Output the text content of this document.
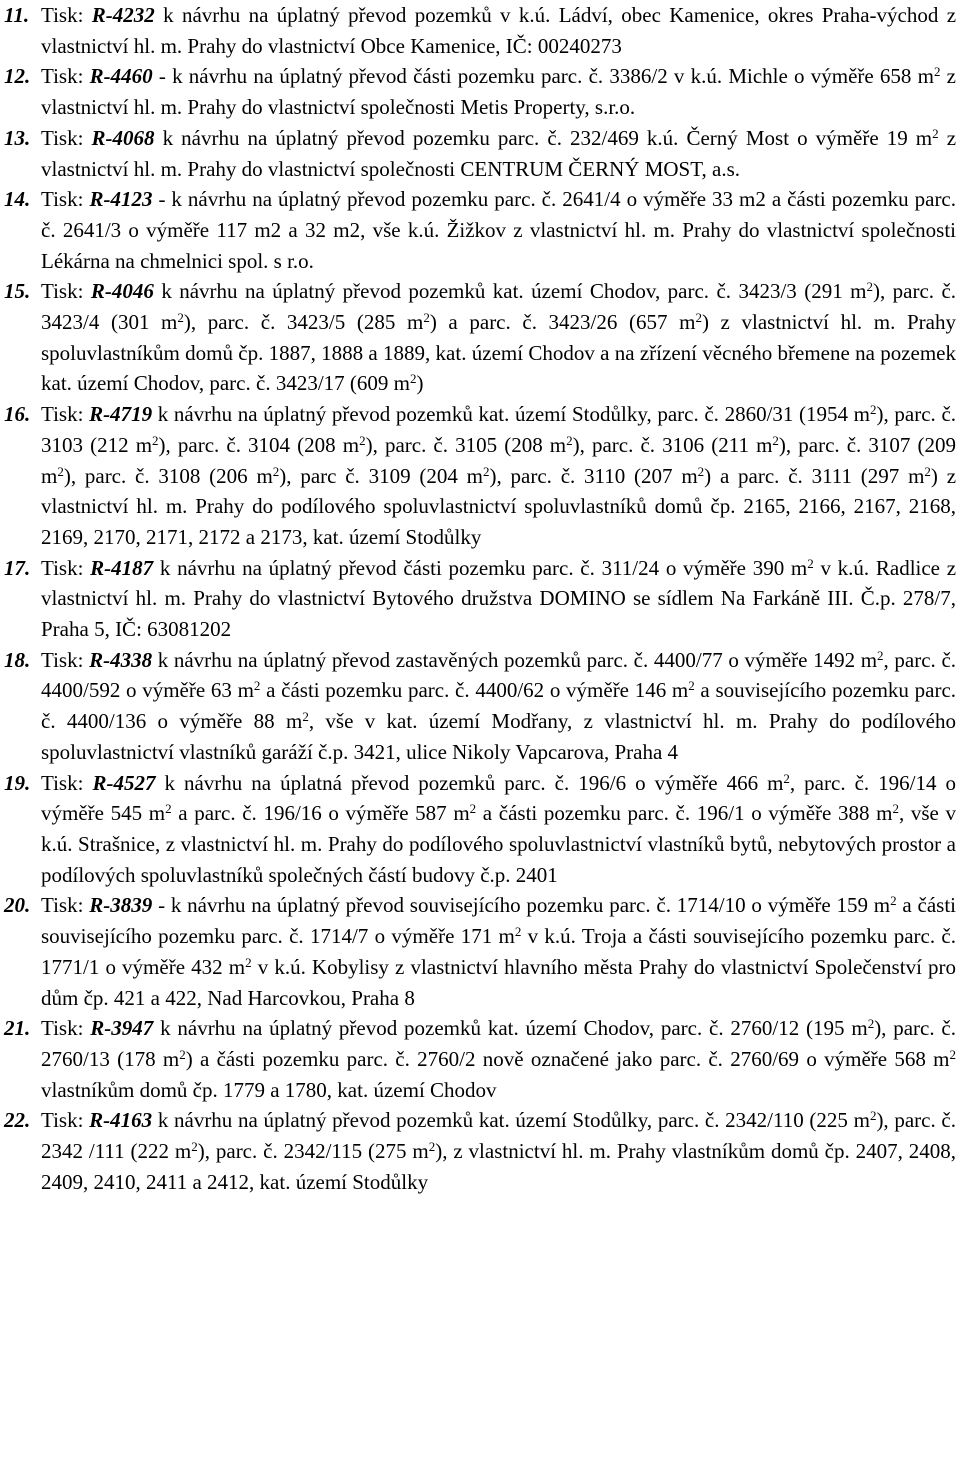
11. Tisk: R-4232 k návrhu na úplatný převod pozemků v k.ú. Ládví, obec Kamenice, okres Praha-východ z vlastnictví hl. m. Prahy do vlastnictví Obce Kamenice, IČ: 00240273
12. Tisk: R-4460 - k návrhu na úplatný převod části pozemku parc. č. 3386/2 v k.ú. Michle o výměře 658 $m^2$ z vlastnictví hl. m. Prahy do vlastnictví společnosti Metis Property, s.r.o.
13. Tisk: R-4068 k návrhu na úplatný převod pozemku parc. č. 232/469 k.ú. Černý Most o výměře 19 $m^2$ z vlastnictví hl. m. Prahy do vlastnictví společnosti CENTRUM ČERNÝ MOST, a.s.
14. Tisk: R-4123 - k návrhu na úplatný převod pozemku parc. č. 2641/4 o výměře 33 m2 a části pozemku parc. č. 2641/3 o výměře 117 m2 a 32 m2, vše k.ú. Žižkov z vlastnictví hl. m. Prahy do vlastnictví společnosti Lékárna na chmelnici spol. s r.o.
15. Tisk: R-4046 k návrhu na úplatný převod pozemků kat. území Chodov, parc. č. 3423/3 (291 $m^2$), parc. č. 3423/4 (301 $m^2$), parc. č. 3423/5 (285 $m^2$) a parc. č. 3423/26 (657 $m^2$) z vlastnictví hl. m. Prahy spoluvlastníkům domů čp. 1887, 1888 a 1889, kat. území Chodov a na zřízení věcného břemene na pozemek kat. území Chodov, parc. č. 3423/17 (609 $m^2$)
16. Tisk: R-4719 k návrhu na úplatný převod pozemků kat. území Stodůlky, parc. č. 2860/31 (1954 $m^2$), parc. č. 3103 (212 $m^2$), parc. č. 3104 (208 $m^2$), parc. č. 3105 (208 $m^2$), parc. č. 3106 (211 $m^2$), parc. č. 3107 (209 $m^2$), parc. č. 3108 (206 $m^2$), parc č. 3109 (204 $m^2$), parc. č. 3110 (207 $m^2$) a parc. č. 3111 (297 $m^2$) z vlastnictví hl. m. Prahy do podílového spoluvlastnictví spoluvlastníků domů čp. 2165, 2166, 2167, 2168, 2169, 2170, 2171, 2172 a 2173, kat. území Stodůlky
17. Tisk: R-4187 k návrhu na úplatný převod části pozemku parc. č. 311/24 o výměře 390 $m^2$ v k.ú. Radlice z vlastnictví hl. m. Prahy do vlastnictví Bytového družstva DOMINO se sídlem Na Farkáně III. Č.p. 278/7, Praha 5, IČ: 63081202
18. Tisk: R-4338 k návrhu na úplatný převod zastavěných pozemků parc. č. 4400/77 o výměře 1492 $m^2$, parc. č. 4400/592 o výměře 63 $m^2$ a části pozemku parc. č. 4400/62 o výměře 146 $m^2$ a souvisejícího pozemku parc. č. 4400/136 o výměře 88 $m^2$, vše v kat. území Modřany, z vlastnictví hl. m. Prahy do podílového spoluvlastnictví vlastníků garáží č.p. 3421, ulice Nikoly Vapcarova, Praha 4
19. Tisk: R-4527 k návrhu na úplatná převod pozemků parc. č. 196/6 o výměře 466 $m^2$, parc. č. 196/14 o výměře 545 $m^2$ a parc. č. 196/16 o výměře 587 $m^2$ a části pozemku parc. č. 196/1 o výměře 388 $m^2$, vše v k.ú. Strašnice, z vlastnictví hl. m. Prahy do podílového spoluvlastnictví vlastníků bytů, nebytových prostor a podílových spoluvlastníků společných částí budovy č.p. 2401
20. Tisk: R-3839 - k návrhu na úplatný převod souvisejícího pozemku parc. č. 1714/10 o výměře 159 $m^2$ a části souvisejícího pozemku parc. č. 1714/7 o výměře 171 $m^2$ v k.ú. Troja a části souvisejícího pozemku parc. č. 1771/1 o výměře 432 $m^2$ v k.ú. Kobylisy z vlastnictví hlavního města Prahy do vlastnictví Společenství pro dům čp. 421 a 422, Nad Harcovkou, Praha 8
21. Tisk: R-3947 k návrhu na úplatný převod pozemků kat. území Chodov, parc. č. 2760/12 (195 $m^2$), parc. č. 2760/13 (178 $m^2$) a části pozemku parc. č. 2760/2 nově označené jako parc. č. 2760/69 o výměře 568 $m^2$ vlastníkům domů čp. 1779 a 1780, kat. území Chodov
22. Tisk: R-4163 k návrhu na úplatný převod pozemků kat. území Stodůlky, parc. č. 2342/110 (225 $m^2$), parc. č. 2342 /111 (222 $m^2$), parc. č. 2342/115 (275 $m^2$), z vlastnictví hl. m. Prahy vlastníkům domů čp. 2407, 2408, 2409, 2410, 2411 a 2412, kat. území Stodůlky
